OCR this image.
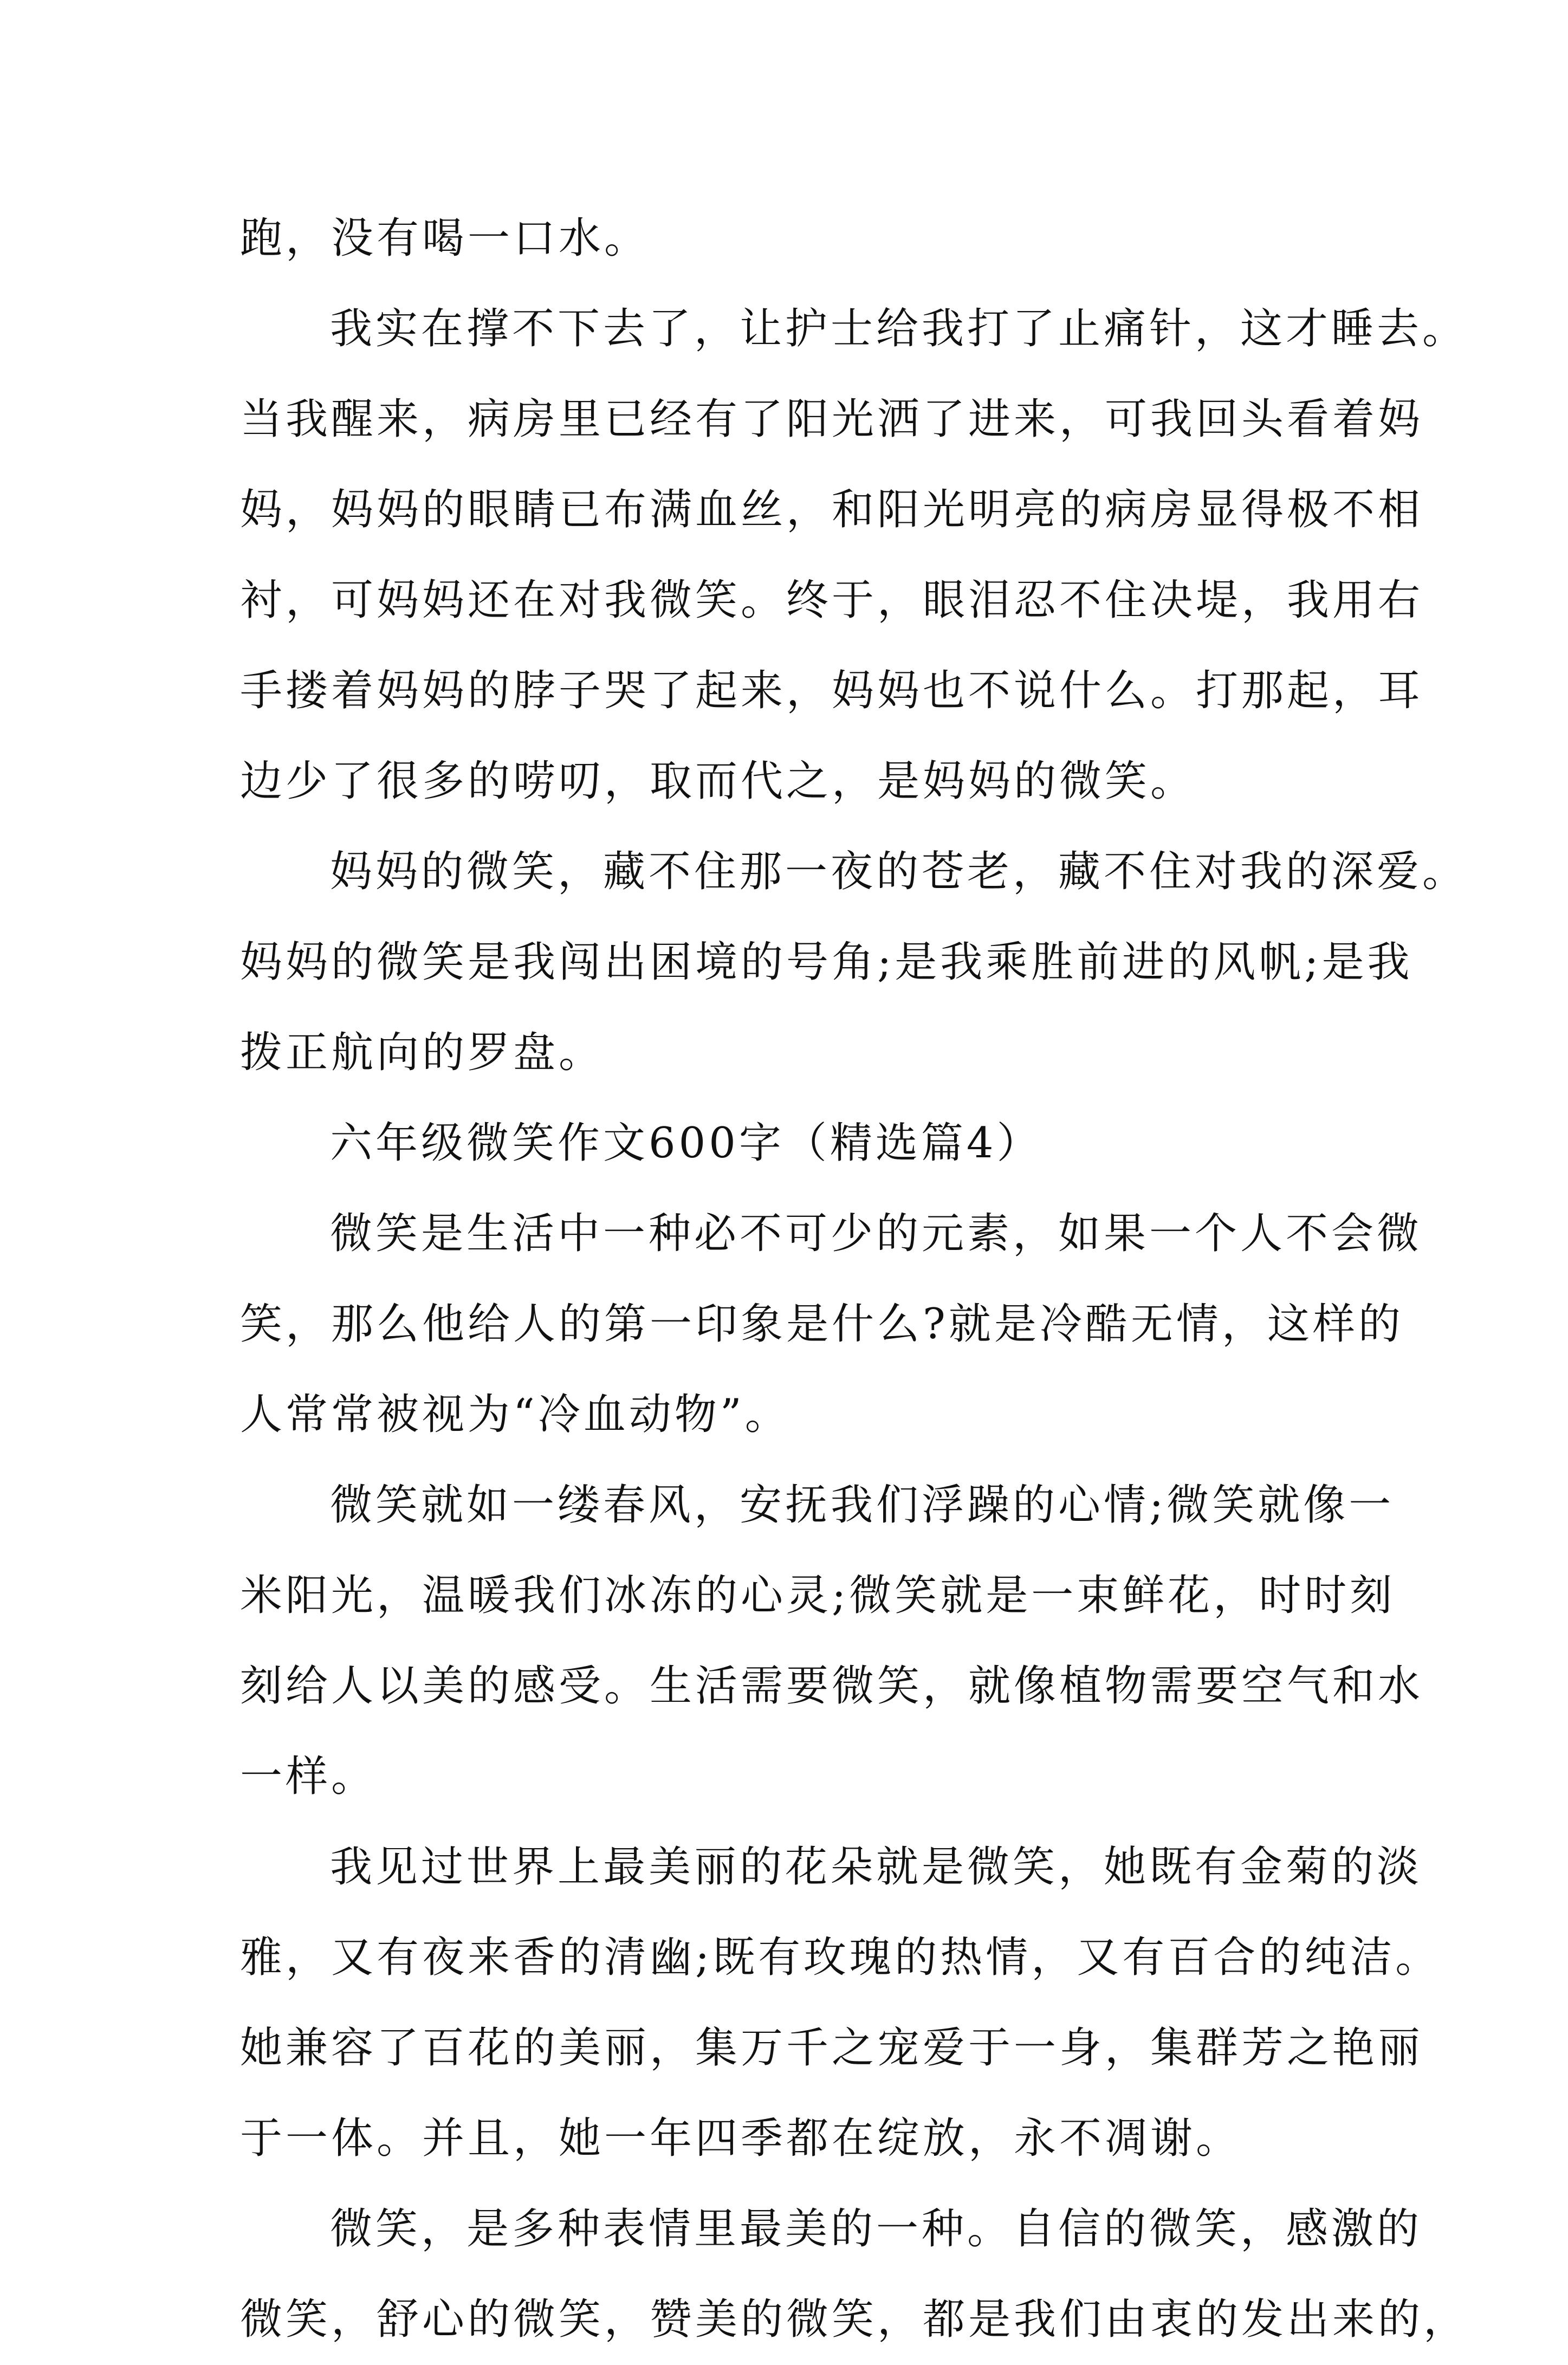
跑，没有喝一口水。
我实在撑不下去了，让护士给我打了止痛针，这才睡去。
当我醒来，病房里已经有了阳光洒了进来，可我回头看着妈
妈，妈妈的眼睛已布满血丝，和阳光明亮的病房显得极不相
衬，可妈妈还在对我微笑。终于，眼泪忍不住决堤，我用右
手搂着妈妈的脖子哭了起来，妈妈也不说什么。打那起，耳
边少了很多的唠叨，取而代之，是妈妈的微笑。
妈妈的微笑，藏不住那一夜的苍老，藏不住对我的深爱。
妈妈的微笑是我闯出困境的号角;是我乘胜前进的风帆;是我
拨正航向的罗盘。
六年级微笑作文600字（精选篇4）
微笑是生活中一种必不可少的元素，如果一个人不会微
笑，那么他给人的第一印象是什么?就是冷酷无情，这样的
人常常被视为“冷血动物”。
微笑就如一缕春风，安抚我们浮躁的心情;微笑就像一
米阳光，温暖我们冰冻的心灵;微笑就是一束鲜花，时时刻
刻给人以美的感受。生活需要微笑，就像植物需要空气和水
一样。
我见过世界上最美丽的花朵就是微笑，她既有金菊的淡
雅，又有夜来香的清幽;既有玫瑰的热情，又有百合的纯洁。
她兼容了百花的美丽，集万千之宠爱于一身，集群芳之艳丽
于一体。并且，她一年四季都在绽放，永不凋谢。
微笑，是多种表情里最美的一种。自信的微笑，感激的
微笑，舒心的微笑，赞美的微笑，都是我们由衷的发出来的，
